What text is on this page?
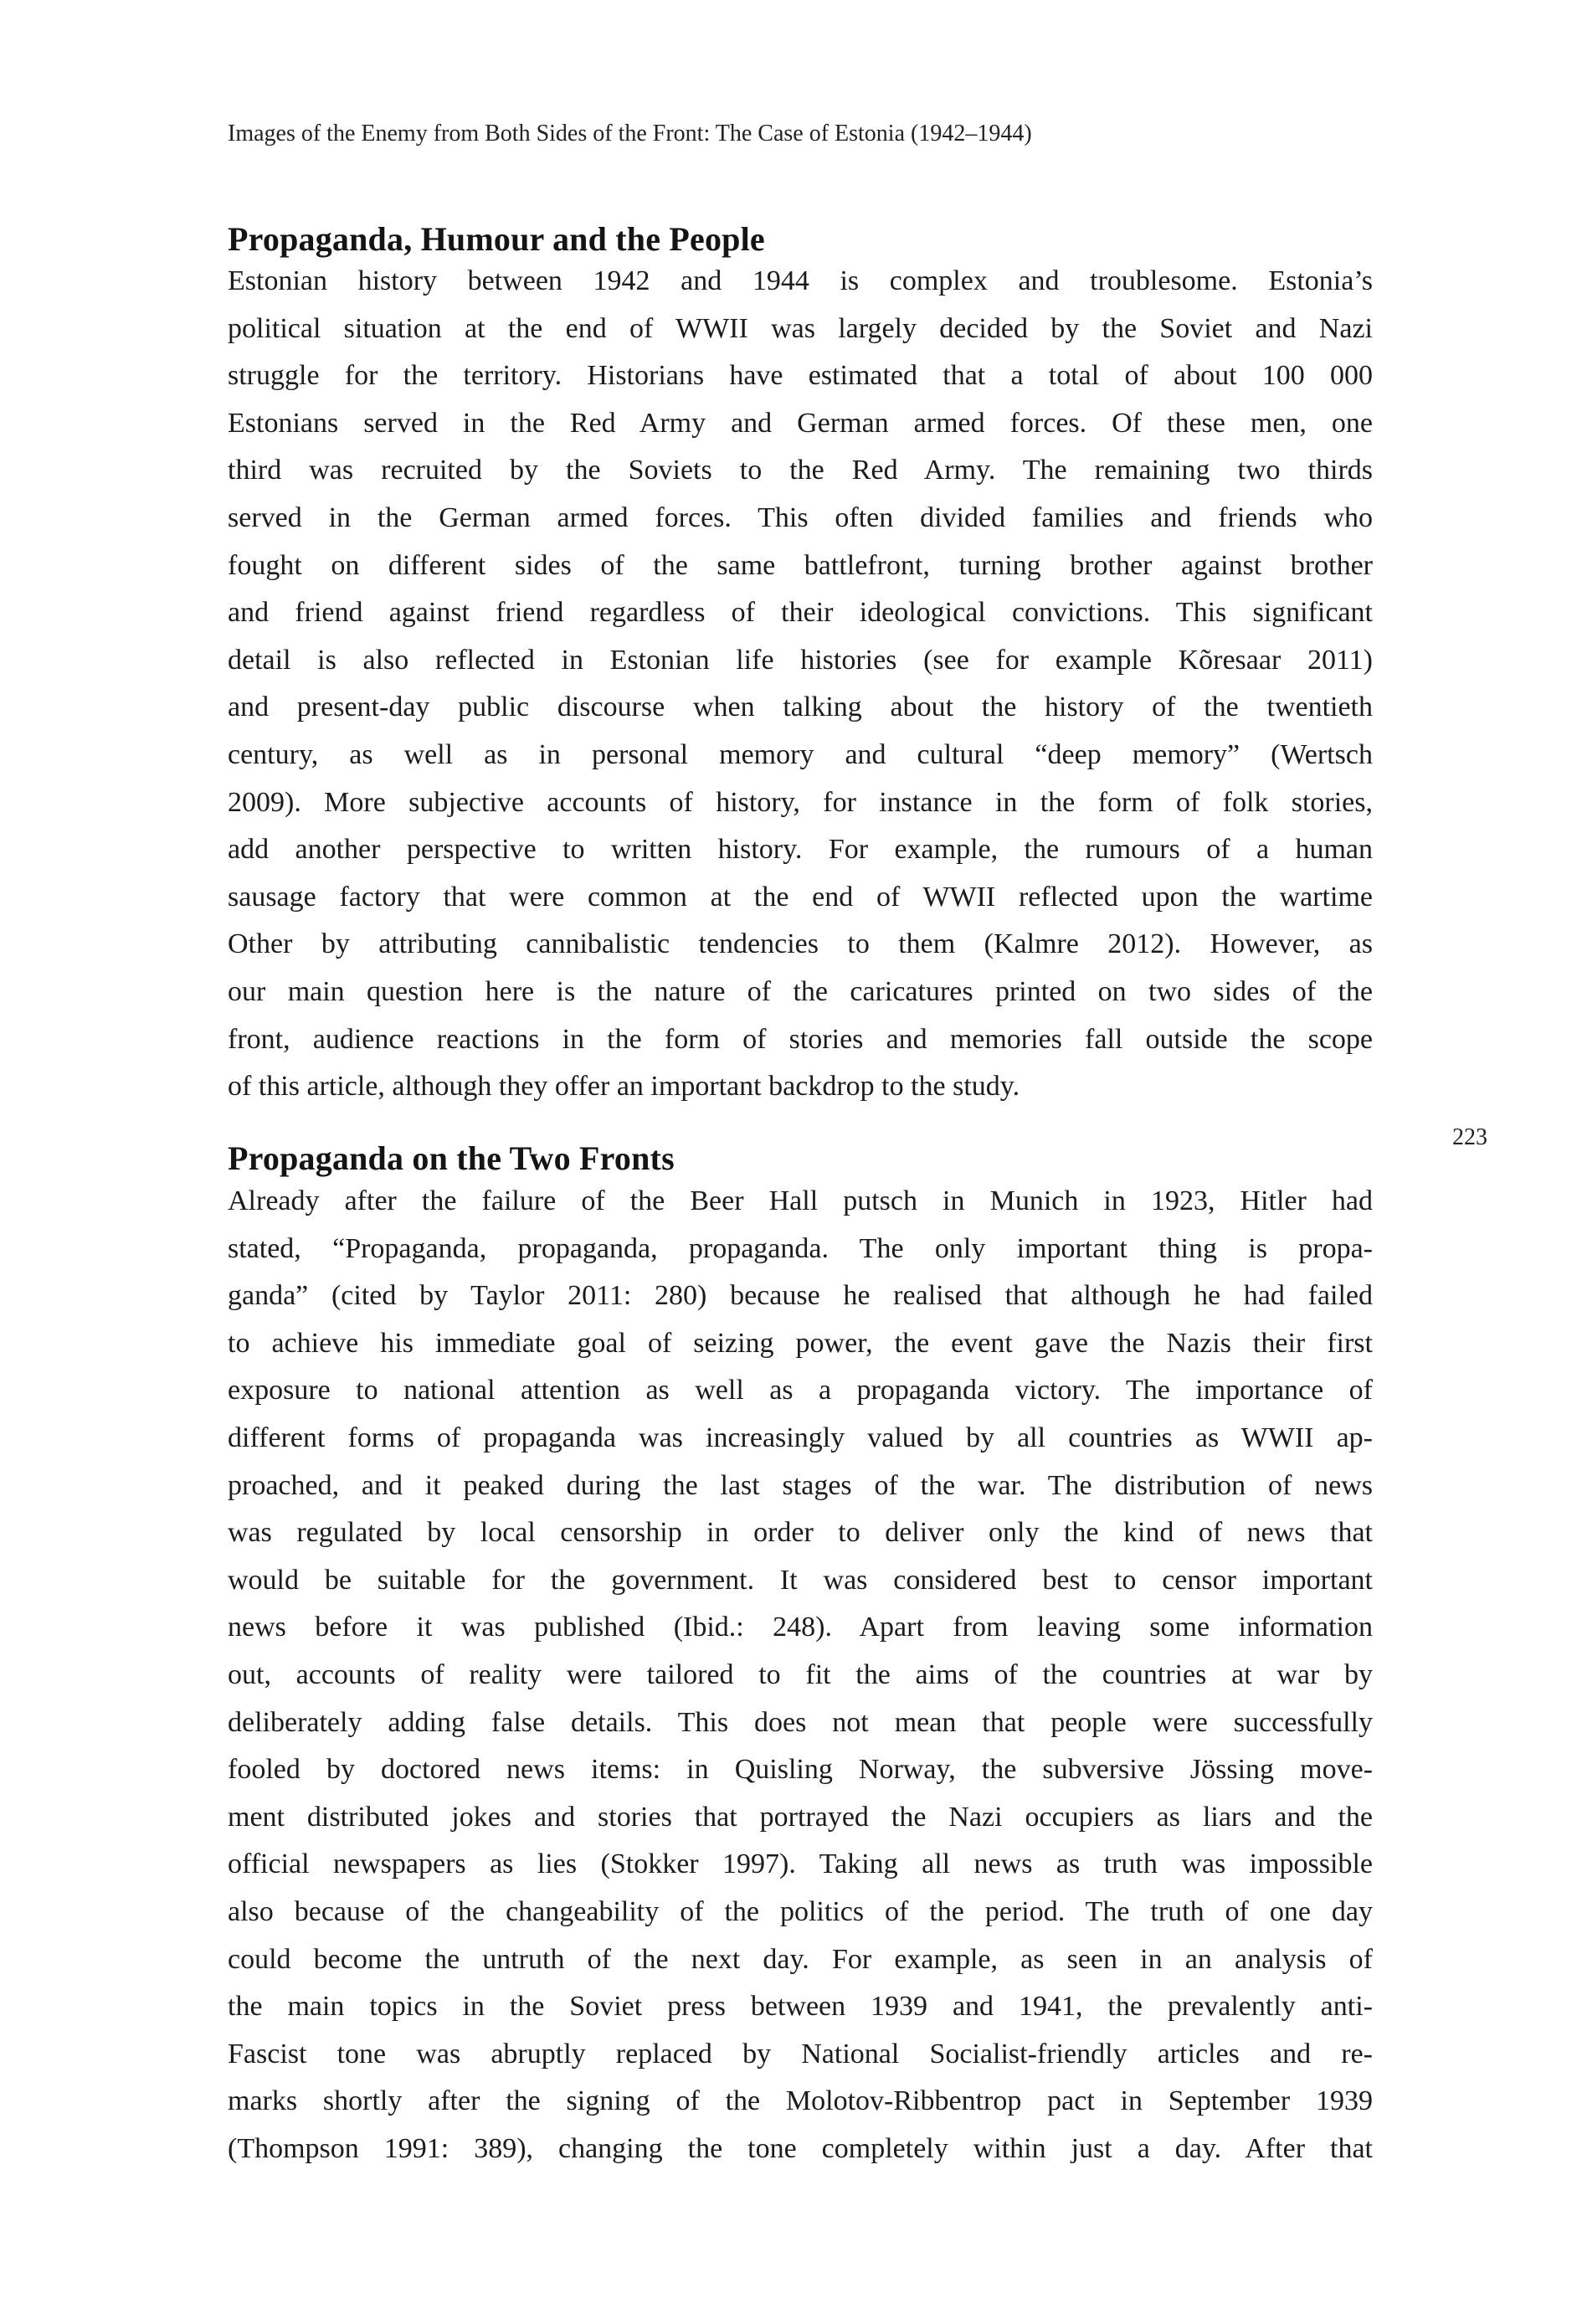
Images of the Enemy from Both Sides of the Front: The Case of Estonia (1942–1944)
Propaganda, Humour and the People
Estonian history between 1942 and 1944 is complex and troublesome. Estonia’s
political situation at the end of WWII was largely decided by the Soviet and Nazi
struggle for the territory. Historians have estimated that a total of about 100 000
Estonians served in the Red Army and German armed forces. Of these men, one
third was recruited by the Soviets to the Red Army. The remaining two thirds
served in the German armed forces. This often divided families and friends who
fought on different sides of the same battlefront, turning brother against brother
and friend against friend regardless of their ideological convictions. This significant
detail is also reflected in Estonian life histories (see for example Kõresaar 2011)
and present-day public discourse when talking about the history of the twentieth
century, as well as in personal memory and cultural “deep memory” (Wertsch
2009). More subjective accounts of history, for instance in the form of folk stories,
add another perspective to written history. For example, the rumours of a human
sausage factory that were common at the end of WWII reflected upon the wartime
Other by attributing cannibalistic tendencies to them (Kalmre 2012). However, as
our main question here is the nature of the caricatures printed on two sides of the
front, audience reactions in the form of stories and memories fall outside the scope
of this article, although they offer an important backdrop to the study.
223
Propaganda on the Two Fronts
Already after the failure of the Beer Hall putsch in Munich in 1923, Hitler had
stated, “Propaganda, propaganda, propaganda. The only important thing is propa-
ganda” (cited by Taylor 2011: 280) because he realised that although he had failed
to achieve his immediate goal of seizing power, the event gave the Nazis their first
exposure to national attention as well as a propaganda victory. The importance of
different forms of propaganda was increasingly valued by all countries as WWII ap-
proached, and it peaked during the last stages of the war. The distribution of news
was regulated by local censorship in order to deliver only the kind of news that
would be suitable for the government. It was considered best to censor important
news before it was published (Ibid.: 248). Apart from leaving some information
out, accounts of reality were tailored to fit the aims of the countries at war by
deliberately adding false details. This does not mean that people were successfully
fooled by doctored news items: in Quisling Norway, the subversive Jössing move-
ment distributed jokes and stories that portrayed the Nazi occupiers as liars and the
official newspapers as lies (Stokker 1997). Taking all news as truth was impossible
also because of the changeability of the politics of the period. The truth of one day
could become the untruth of the next day. For example, as seen in an analysis of
the main topics in the Soviet press between 1939 and 1941, the prevalently anti-
Fascist tone was abruptly replaced by National Socialist-friendly articles and re-
marks shortly after the signing of the Molotov-Ribbentrop pact in September 1939
(Thompson 1991: 389), changing the tone completely within just a day. After that
